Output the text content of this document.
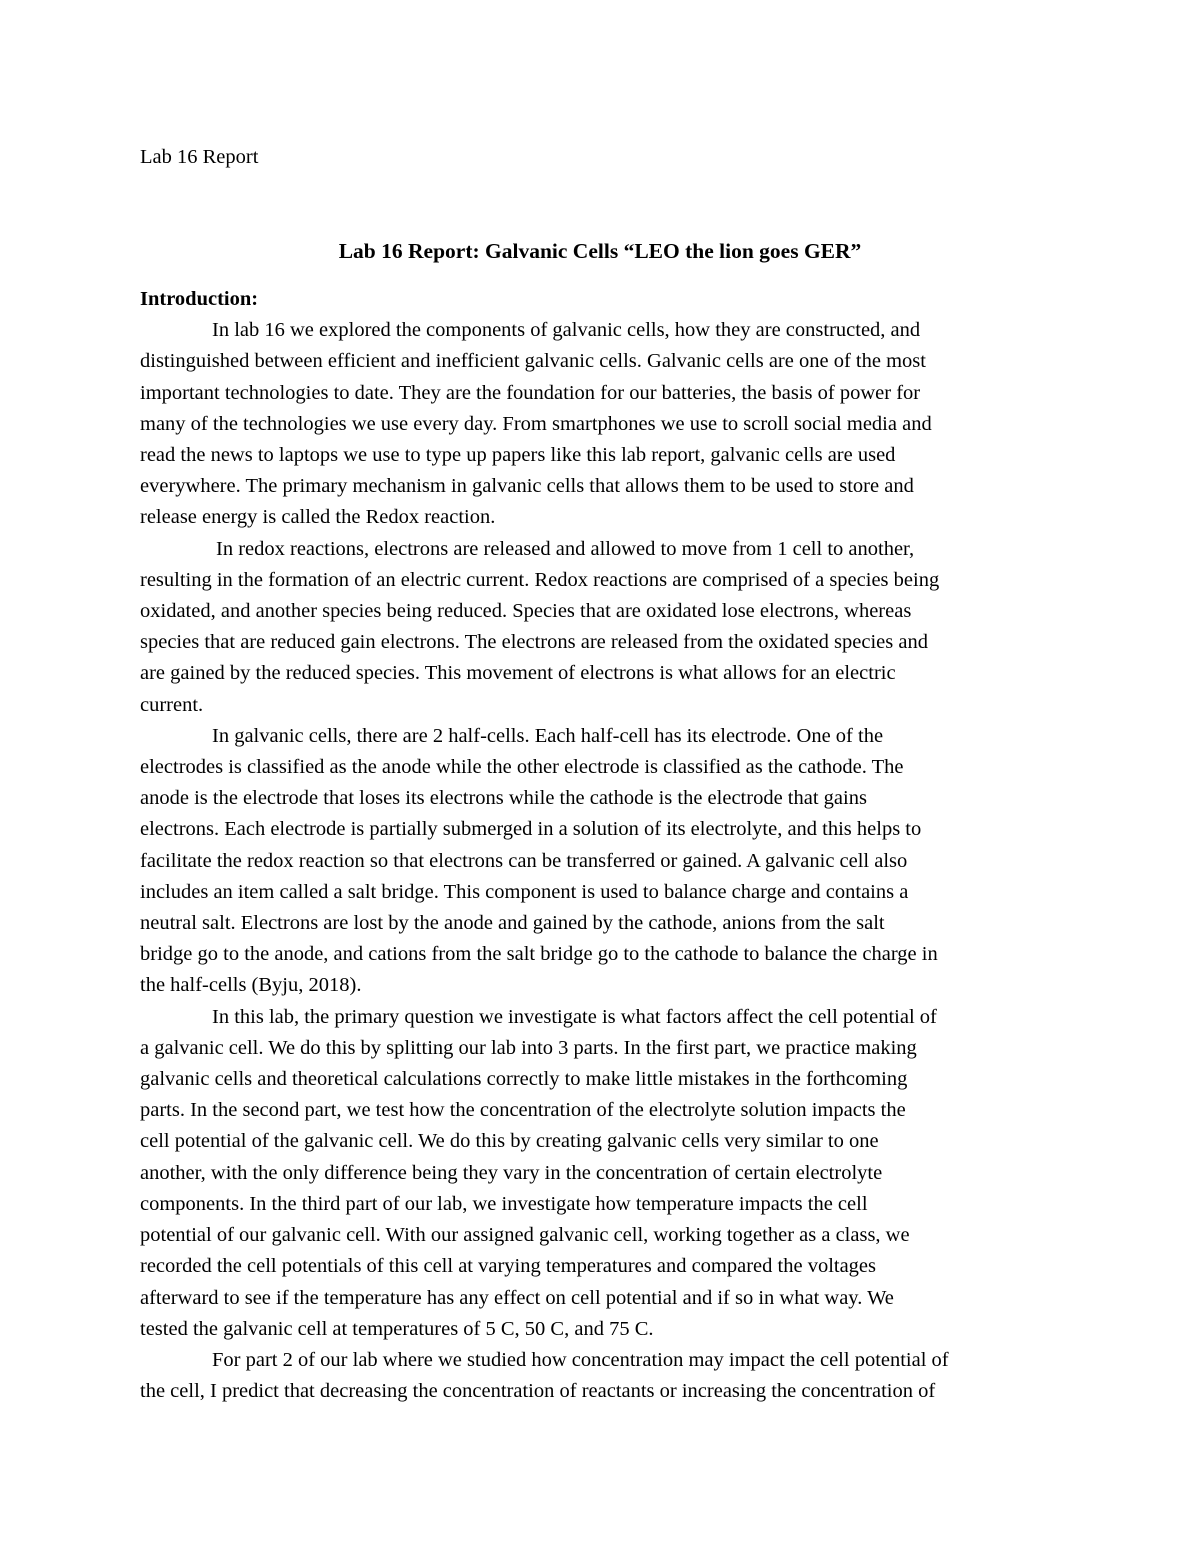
Lab 16 Report
Lab 16 Report: Galvanic Cells “LEO the lion goes GER”
Introduction:
In lab 16 we explored the components of galvanic cells, how they are constructed, and
distinguished between efficient and inefficient galvanic cells. Galvanic cells are one of the most
important technologies to date. They are the foundation for our batteries, the basis of power for
many of the technologies we use every day. From smartphones we use to scroll social media and
read the news to laptops we use to type up papers like this lab report, galvanic cells are used
everywhere. The primary mechanism in galvanic cells that allows them to be used to store and
release energy is called the Redox reaction.
In redox reactions, electrons are released and allowed to move from 1 cell to another,
resulting in the formation of an electric current. Redox reactions are comprised of a species being
oxidated, and another species being reduced. Species that are oxidated lose electrons, whereas
species that are reduced gain electrons. The electrons are released from the oxidated species and
are gained by the reduced species. This movement of electrons is what allows for an electric
current.
In galvanic cells, there are 2 half-cells. Each half-cell has its electrode. One of the
electrodes is classified as the anode while the other electrode is classified as the cathode. The
anode is the electrode that loses its electrons while the cathode is the electrode that gains
electrons. Each electrode is partially submerged in a solution of its electrolyte, and this helps to
facilitate the redox reaction so that electrons can be transferred or gained. A galvanic cell also
includes an item called a salt bridge. This component is used to balance charge and contains a
neutral salt. Electrons are lost by the anode and gained by the cathode, anions from the salt
bridge go to the anode, and cations from the salt bridge go to the cathode to balance the charge in
the half-cells (Byju, 2018).
In this lab, the primary question we investigate is what factors affect the cell potential of
a galvanic cell. We do this by splitting our lab into 3 parts. In the first part, we practice making
galvanic cells and theoretical calculations correctly to make little mistakes in the forthcoming
parts. In the second part, we test how the concentration of the electrolyte solution impacts the
cell potential of the galvanic cell. We do this by creating galvanic cells very similar to one
another, with the only difference being they vary in the concentration of certain electrolyte
components. In the third part of our lab, we investigate how temperature impacts the cell
potential of our galvanic cell. With our assigned galvanic cell, working together as a class, we
recorded the cell potentials of this cell at varying temperatures and compared the voltages
afterward to see if the temperature has any effect on cell potential and if so in what way. We
tested the galvanic cell at temperatures of 5 C, 50 C, and 75 C.
For part 2 of our lab where we studied how concentration may impact the cell potential of
the cell, I predict that decreasing the concentration of reactants or increasing the concentration of
